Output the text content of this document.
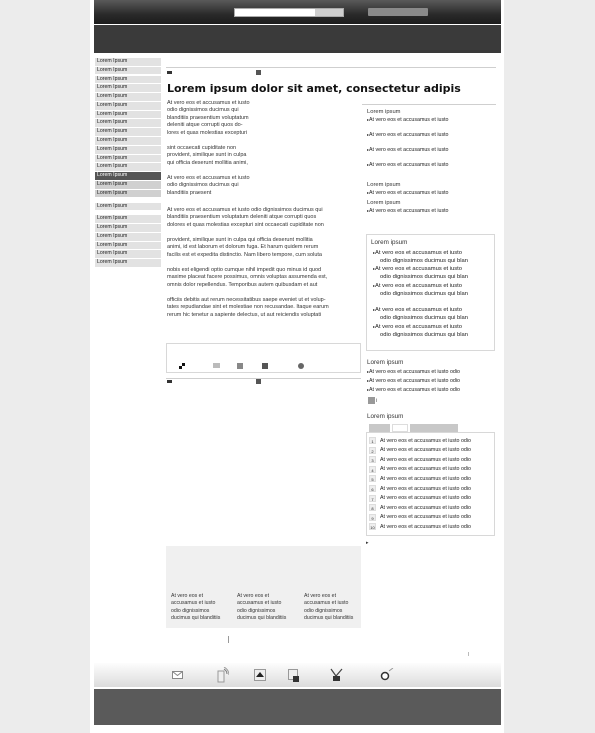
Lorem Ipsum
Lorem Ipsum
Lorem Ipsum
Lorem Ipsum
Lorem Ipsum
Lorem Ipsum
Lorem Ipsum
Lorem Ipsum
Lorem Ipsum
Lorem Ipsum
Lorem Ipsum
Lorem Ipsum
Lorem Ipsum
Lorem Ipsum
Lorem Ipsum
Lorem Ipsum
Lorem Ipsum
Lorem Ipsum
Lorem Ipsum
Lorem Ipsum
Lorem Ipsum
Lorem Ipsum
Lorem Ipsum
Lorem ipsum dolor sit amet, consectetur adipis
At vero eos et accusamus et iusto
odio dignissimos ducimus qui
blanditiis praesentium voluptatum
deleniti atque corrupti quos do-
lores et quas molestias excepturi
sint occaecati cupiditate non
provident, similique sunt in culpa
qui officia deserunt mollitia animi,
At vero eos et accusamus et iusto
odio dignissimos ducimus qui
blanditiis praesent
At vero eos et accusamus et iusto odio dignissimos ducimus qui
blanditiis praesentium voluptatum deleniti atque corrupti quos
dolores et quas molestias excepturi sint occaecati cupiditate non
provident, similique sunt in culpa qui officia deserunt mollitia
animi, id est laborum et dolorum fuga. Et harum quidem rerum
facilis est et expedita distinctio. Nam libero tempore, cum soluta
nobis est eligendi optio cumque nihil impedit quo minus id quod
maxime placeat facere possimus, omnis voluptas assumenda est,
omnis dolor repellendus. Temporibus autem quibusdam et aut
officiis debitis aut rerum necessitatibus saepe eveniet ut et volup-
tates repudiandae sint et molestiae non recusandae. Itaque earum
rerum hic tenetur a sapiente delectus, ut aut reiciendis voluptati
Lorem ipsum
▸ At vero eos et accusamus et iusto
▸ At vero eos et accusamus et iusto
▸ At vero eos et accusamus et iusto
▸ At vero eos et accusamus et iusto
Lorem ipsum
▸ At vero eos et accusamus et iusto
Lorem ipsum
▸ At vero eos et accusamus et iusto
Lorem ipsum
▸ At vero eos et accusamus et iusto
odio dignissimos ducimus qui blan
▸ At vero eos et accusamus et iusto
odio dignissimos ducimus qui blan
▸ At vero eos et accusamus et iusto
odio dignissimos ducimus qui blan
▸ At vero eos et accusamus et iusto
odio dignissimos ducimus qui blan
▸ At vero eos et accusamus et iusto
odio dignissimos ducimus qui blan
Lorem ipsum
▸ At vero eos et accusamus et iusto odio
▸ At vero eos et accusamus et iusto odio
▸ At vero eos et accusamus et iusto odio
i
Lorem ipsum
1	At vero eos et accusamus et iusto odio
2	At vero eos et accusamus et iusto odio
3	At vero eos et accusamus et iusto odio
4	At vero eos et accusamus et iusto odio
5	At vero eos et accusamus et iusto odio
6	At vero eos et accusamus et iusto odio
7	At vero eos et accusamus et iusto odio
8	At vero eos et accusamus et iusto odio
9	At vero eos et accusamus et iusto odio
10 At vero eos et accusamus et iusto odio
▸
At vero eos et
accusamus et iusto
odio dignissimos
ducimus qui blanditiis
At vero eos et
accusamus et iusto
odio dignissimos
ducimus qui blanditiis
At vero eos et
accusamus et iusto
odio dignissimos
ducimus qui blanditiis
